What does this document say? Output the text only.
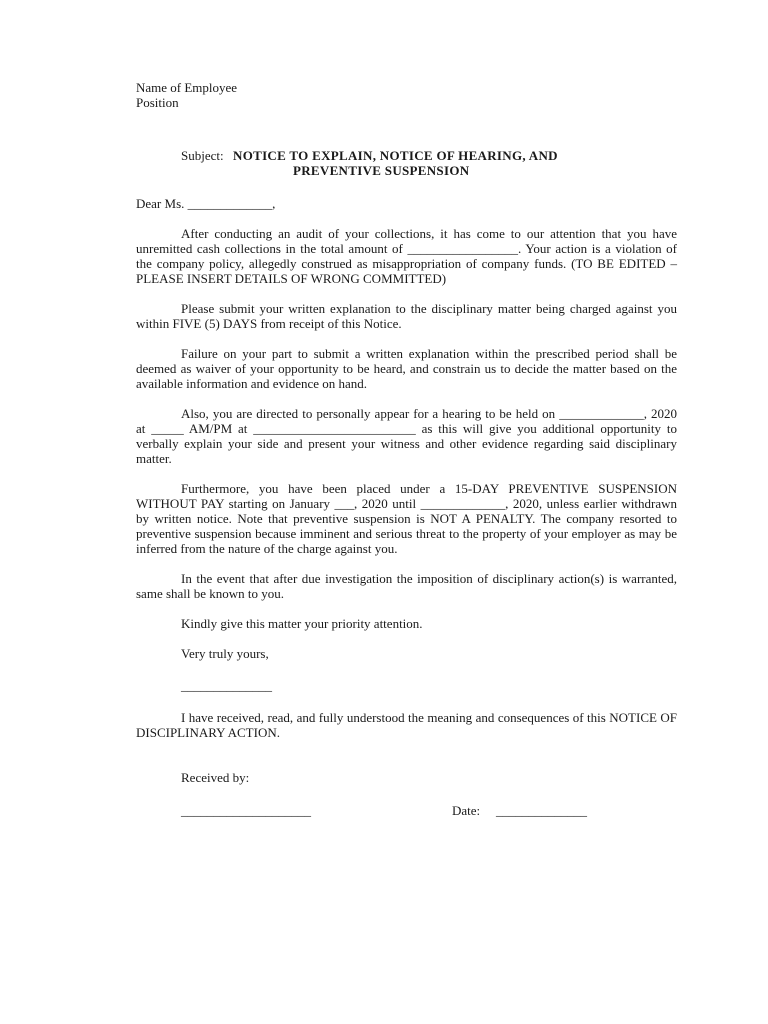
Name of Employee

Position

Subject: NOTICE TO EXPLAIN, NOTICE OF HEARING, AND
PREVENTIVE SUSPENSION

Dear Ms. _____________,

After conducting an audit of your collections, it has come to our attention that you have unremitted cash collections in the total amount of _________________. Your action is a violation of the company policy, allegedly construed as misappropriation of company funds. (TO BE EDITED – PLEASE INSERT DETAILS OF WRONG COMMITTED)

Please submit your written explanation to the disciplinary matter being charged against you within FIVE (5) DAYS from receipt of this Notice.

Failure on your part to submit a written explanation within the prescribed period shall be deemed as waiver of your opportunity to be heard, and constrain us to decide the matter based on the available information and evidence on hand.

Also, you are directed to personally appear for a hearing to be held on _____________, 2020 at _____ AM/PM at _________________________ as this will give you additional opportunity to verbally explain your side and present your witness and other evidence regarding said disciplinary matter.

Furthermore, you have been placed under a 15-DAY PREVENTIVE SUSPENSION WITHOUT PAY starting on January ___, 2020 until _____________, 2020, unless earlier withdrawn by written notice. Note that preventive suspension is NOT A PENALTY. The company resorted to preventive suspension because imminent and serious threat to the property of your employer as may be inferred from the nature of the charge against you.

In the event that after due investigation the imposition of disciplinary action(s) is warranted, same shall be known to you.

Kindly give this matter your priority attention.

Very truly yours,

______________

I have received, read, and fully understood the meaning and consequences of this NOTICE OF DISCIPLINARY ACTION.

Received by:

____________________	Date: ______________
